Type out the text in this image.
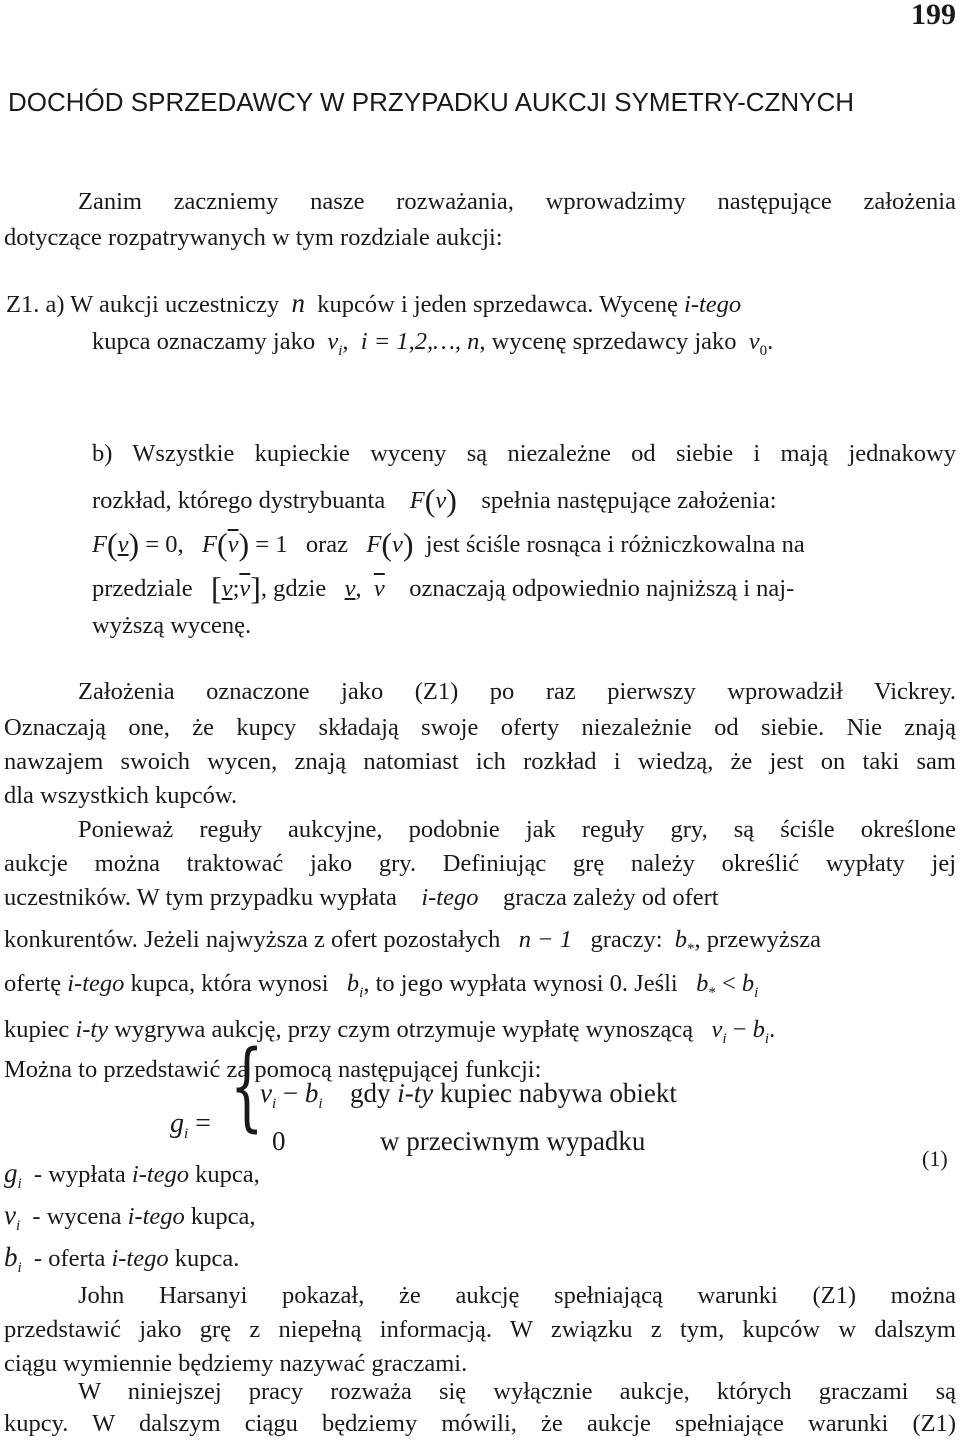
199
DOCHÓD SPRZEDAWCY W PRZYPADKU AUKCJI SYMETRY-CZNYCH
Zanim zaczniemy nasze rozważania, wprowadzimy następujące założenia
dotyczące rozpatrywanych w tym rozdziale aukcji:
Z1. a) W aukcji uczestniczy n kupców i jeden sprzedawca. Wycenę i-tego
kupca oznaczamy jako $v_i$,  i = 1,2,…, n, wycenę sprzedawcy jako $v_0$.
b) Wszystkie kupieckie wyceny są niezależne od siebie i mają jednakowy
rozkład, którego dystrybuanta F(v) spełnia następujące założenia:
F(v) = 0, $F(\overline{v}) = 1$ oraz F(v) jest ściśle rosnąca i różniczkowalna na
przedziale $[v;\overline{v}]$, gdzie v,  $\overline{v}$ oznaczają odpowiednio najniższą i naj-
wyższą wycenę.
Założenia oznaczone jako (Z1) po raz pierwszy wprowadził Vickrey.
Oznaczają one, że kupcy składają swoje oferty niezależnie od siebie. Nie znają
nawzajem swoich wycen, znają natomiast ich rozkład i wiedzą, że jest on taki sam
dla wszystkich kupców.
Ponieważ reguły aukcyjne, podobnie jak reguły gry, są ściśle określone
aukcje można traktować jako gry. Definiując grę należy określić wypłaty jej
uczestników. W tym przypadku wypłata i-tego gracza zależy od ofert
konkurentów. Jeżeli najwyższa z ofert pozostałych n − 1 graczy: $b_*$, przewyższa
ofertę i-tego kupca, która wynosi $b_i$, to jego wypłata wynosi 0. Jeśli $b_* < b_i$
kupiec i-ty wygrywa aukcję, przy czym otrzymuje wypłatę wynoszącą $v_i - b_i$.
Można to przedstawić za pomocą następującej funkcji:
$g_i$ = {
$v_i - b_i$ gdy i-ty kupiec nabywa obiekt
0	w przeciwnym wypadku
(1)
$g_i$ - wypłata i-tego kupca,
$v_i$ - wycena i-tego kupca,
$b_i$ - oferta i-tego kupca.
John Harsanyi pokazał, że aukcję spełniającą warunki (Z1) można
przedstawić jako grę z niepełną informacją. W związku z tym, kupców w dalszym
ciągu wymiennie będziemy nazywać graczami.
W niniejszej pracy rozważa się wyłącznie aukcje, których graczami są
kupcy. W dalszym ciągu będziemy mówili, że aukcje spełniające warunki (Z1)
